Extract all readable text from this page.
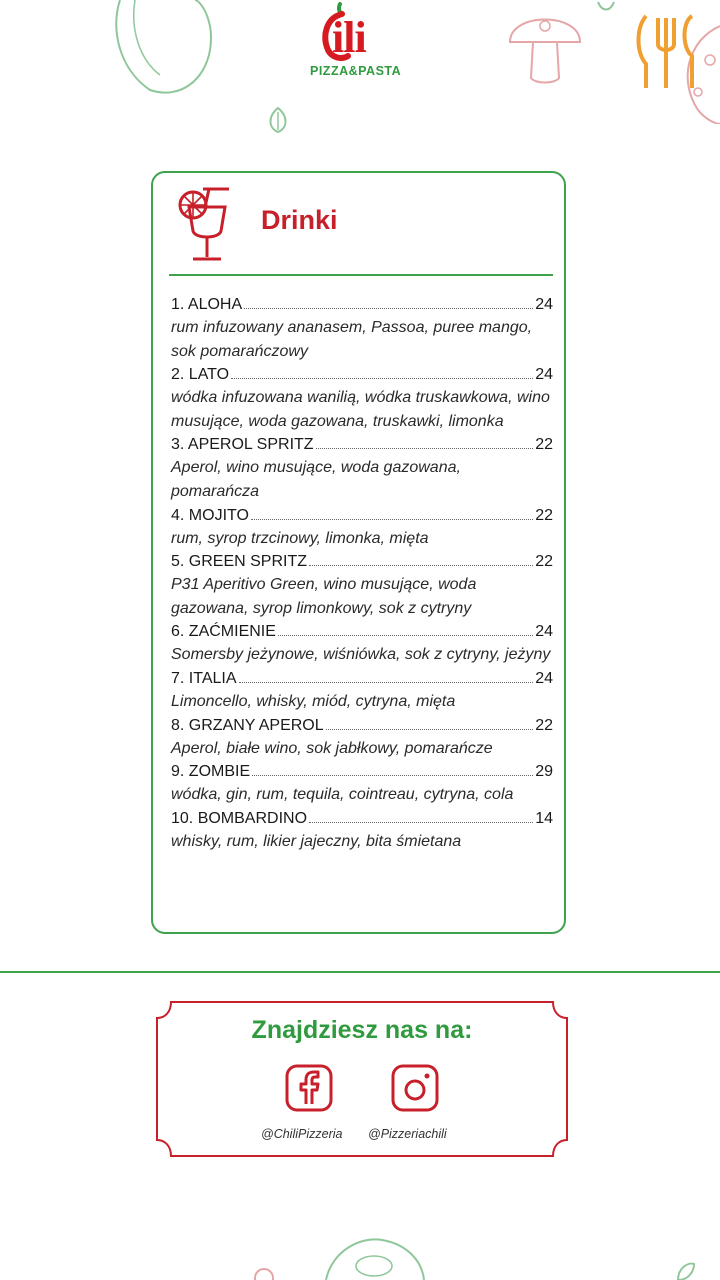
ili
PIZZA&PASTA
Drinki
1. ALOHA	24
rum infuzowany ananasem, Passoa, puree mango, sok pomarańczowy
2. LATO	24
wódka infuzowana wanilią, wódka truskawkowa, wino musujące, woda gazowana, truskawki, limonka
3. APEROL SPRITZ	22
Aperol, wino musujące, woda gazowana, pomarańcza
4. MOJITO	22
rum, syrop trzcinowy, limonka, mięta
5. GREEN SPRITZ	22
P31 Aperitivo Green, wino musujące, woda gazowana, syrop limonkowy, sok z cytryny
6. ZAĆMIENIE	24
Somersby jeżynowe, wiśniówka, sok z cytryny, jeżyny
7. ITALIA	24
Limoncello, whisky, miód, cytryna, mięta
8. GRZANY APEROL	22
Aperol, białe wino, sok jabłkowy, pomarańcze
9. ZOMBIE	29
wódka, gin, rum, tequila, cointreau, cytryna, cola
10. BOMBARDINO	14
whisky, rum, likier jajeczny, bita śmietana
Znajdziesz nas na:
@ChiliPizzeria @Pizzeriachili
